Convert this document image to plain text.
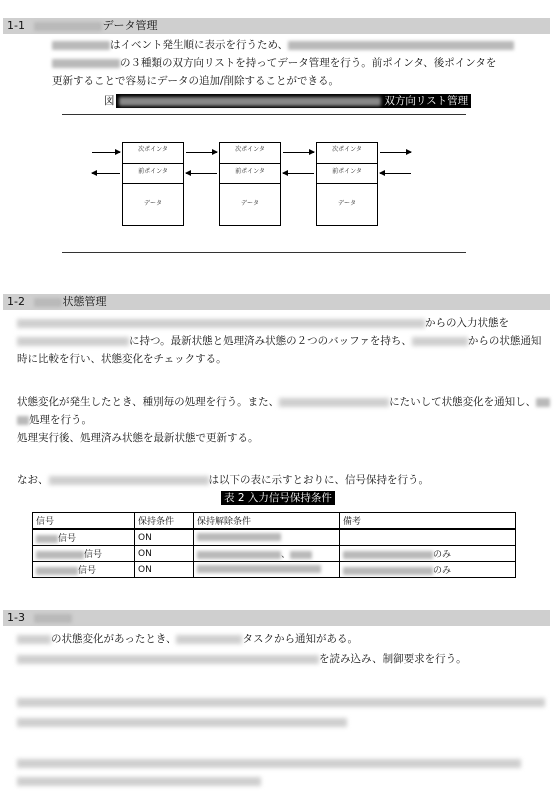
1-1	データ管理
はイベント発生順に表示を行うため、
の３種類の双方向リストを持ってデータ管理を行う。前ポインタ、後ポインタを
更新することで容易にデータの追加/削除することができる。
図	双方向リスト管理
次ポインタ
前ポインタ
データ
次ポインタ
前ポインタ
データ
次ポインタ
前ポインタ
データ
1-2	状態管理
からの入力状態を
に持つ。最新状態と処理済み状態の２つのバッファを持ち、	からの状態通知
時に比較を行い、状態変化をチェックする。
状態変化が発生したとき、種別毎の処理を行う。また、	にたいして状態変化を通知し、
処理を行う。
処理実行後、処理済み状態を最新状態で更新する。
なお、	は以下の表に示すとおりに、信号保持を行う。
表 2 入力信号保持条件
信号	保持条件	保持解除条件	備考
信号	ON		
信号	ON	、	のみ
信号	ON		のみ
1-3
の状態変化があったとき、	タスクから通知がある。
を読み込み、制御要求を行う。
